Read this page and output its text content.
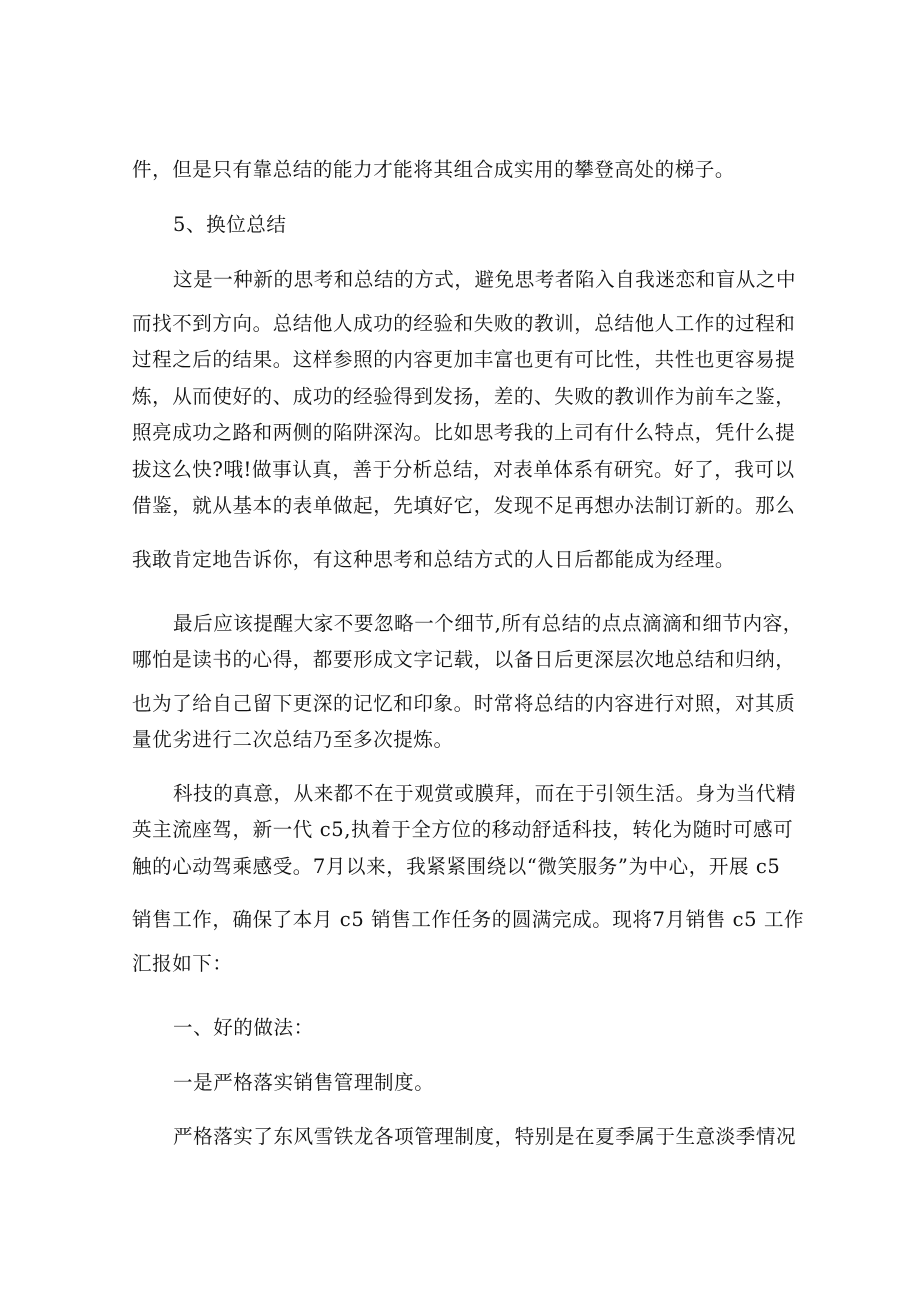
件，但是只有靠总结的能力才能将其组合成实用的攀登高处的梯子。
5、换位总结
这是一种新的思考和总结的方式，避免思考者陷入自我迷恋和盲从之中
而找不到方向。总结他人成功的经验和失败的教训，总结他人工作的过程和
过程之后的结果。这样参照的内容更加丰富也更有可比性，共性也更容易提
炼，从而使好的、成功的经验得到发扬，差的、失败的教训作为前车之鉴，
照亮成功之路和两侧的陷阱深沟。比如思考我的上司有什么特点，凭什么提
拔这么快?哦!做事认真，善于分析总结，对表单体系有研究。好了，我可以
借鉴，就从基本的表单做起，先填好它，发现不足再想办法制订新的。那么
我敢肯定地告诉你，有这种思考和总结方式的人日后都能成为经理。
最后应该提醒大家不要忽略一个细节,所有总结的点点滴滴和细节内容，
哪怕是读书的心得，都要形成文字记载，以备日后更深层次地总结和归纳，
也为了给自己留下更深的记忆和印象。时常将总结的内容进行对照，对其质
量优劣进行二次总结乃至多次提炼。
科技的真意，从来都不在于观赏或膜拜，而在于引领生活。身为当代精
英主流座驾，新一代 c5,执着于全方位的移动舒适科技，转化为随时可感可
触的心动驾乘感受。7月以来，我紧紧围绕以“微笑服务”为中心，开展 c5
销售工作，确保了本月 c5 销售工作任务的圆满完成。现将7月销售 c5 工作
汇报如下：
一、好的做法：
一是严格落实销售管理制度。
严格落实了东风雪铁龙各项管理制度，特别是在夏季属于生意淡季情况
